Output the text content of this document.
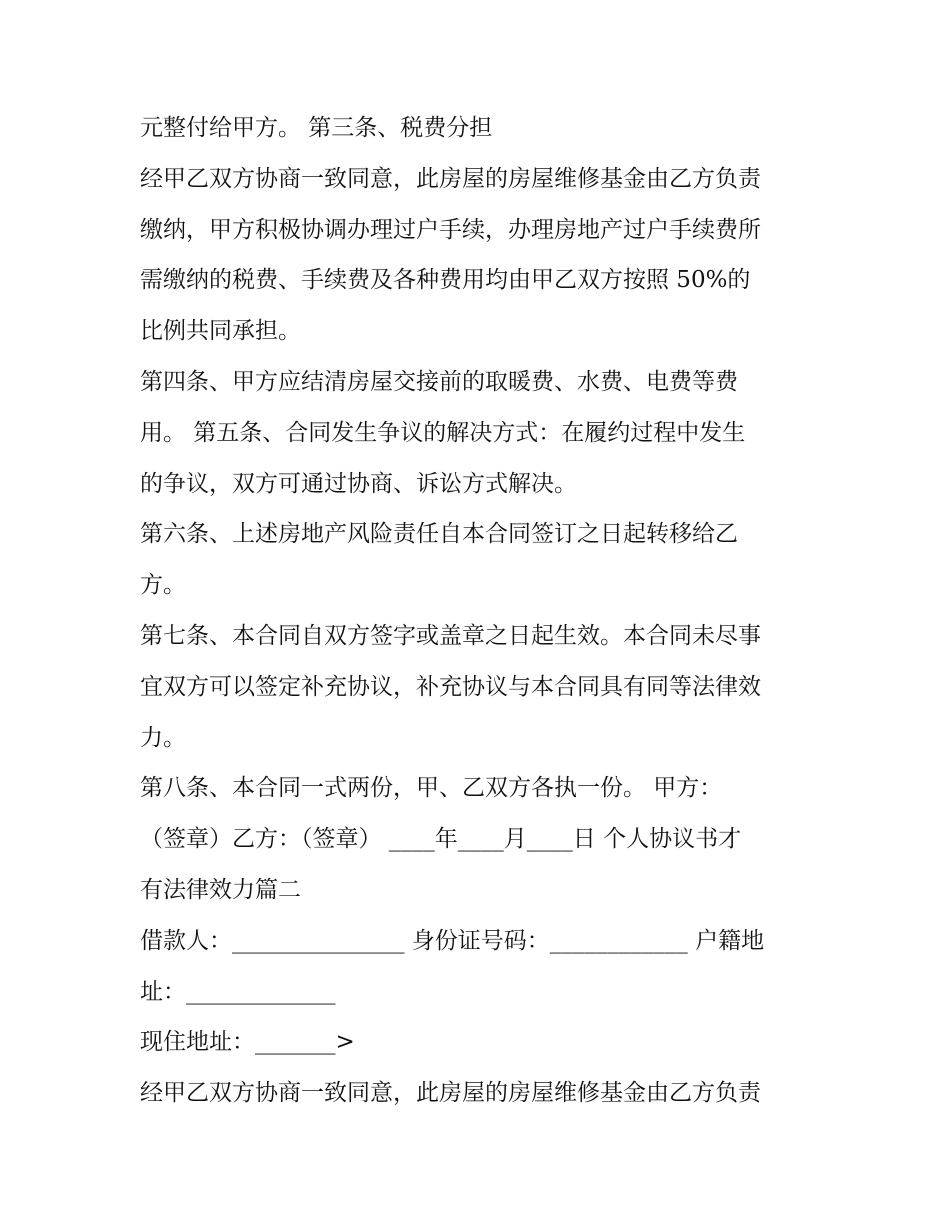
元整付给甲方。 第三条、税费分担
经甲乙双方协商一致同意，此房屋的房屋维修基金由乙方负责
缴纳，甲方积极协调办理过户手续，办理房地产过户手续费所
需缴纳的税费、手续费及各种费用均由甲乙双方按照 50%的
比例共同承担。
第四条、甲方应结清房屋交接前的取暖费、水费、电费等费
用。 第五条、合同发生争议的解决方式：在履约过程中发生
的争议，双方可通过协商、诉讼方式解决。
第六条、上述房地产风险责任自本合同签订之日起转移给乙
方。
第七条、本合同自双方签字或盖章之日起生效。本合同未尽事
宜双方可以签定补充协议，补充协议与本合同具有同等法律效
力。
第八条、本合同一式两份，甲、乙双方各执一份。 甲方：
（签章）乙方：（签章） ____年____月____日 个人协议书才
有法律效力篇二
借款人：_______________ 身份证号码：____________ 户籍地
址：_____________
现住地址：_______>
经甲乙双方协商一致同意，此房屋的房屋维修基金由乙方负责
